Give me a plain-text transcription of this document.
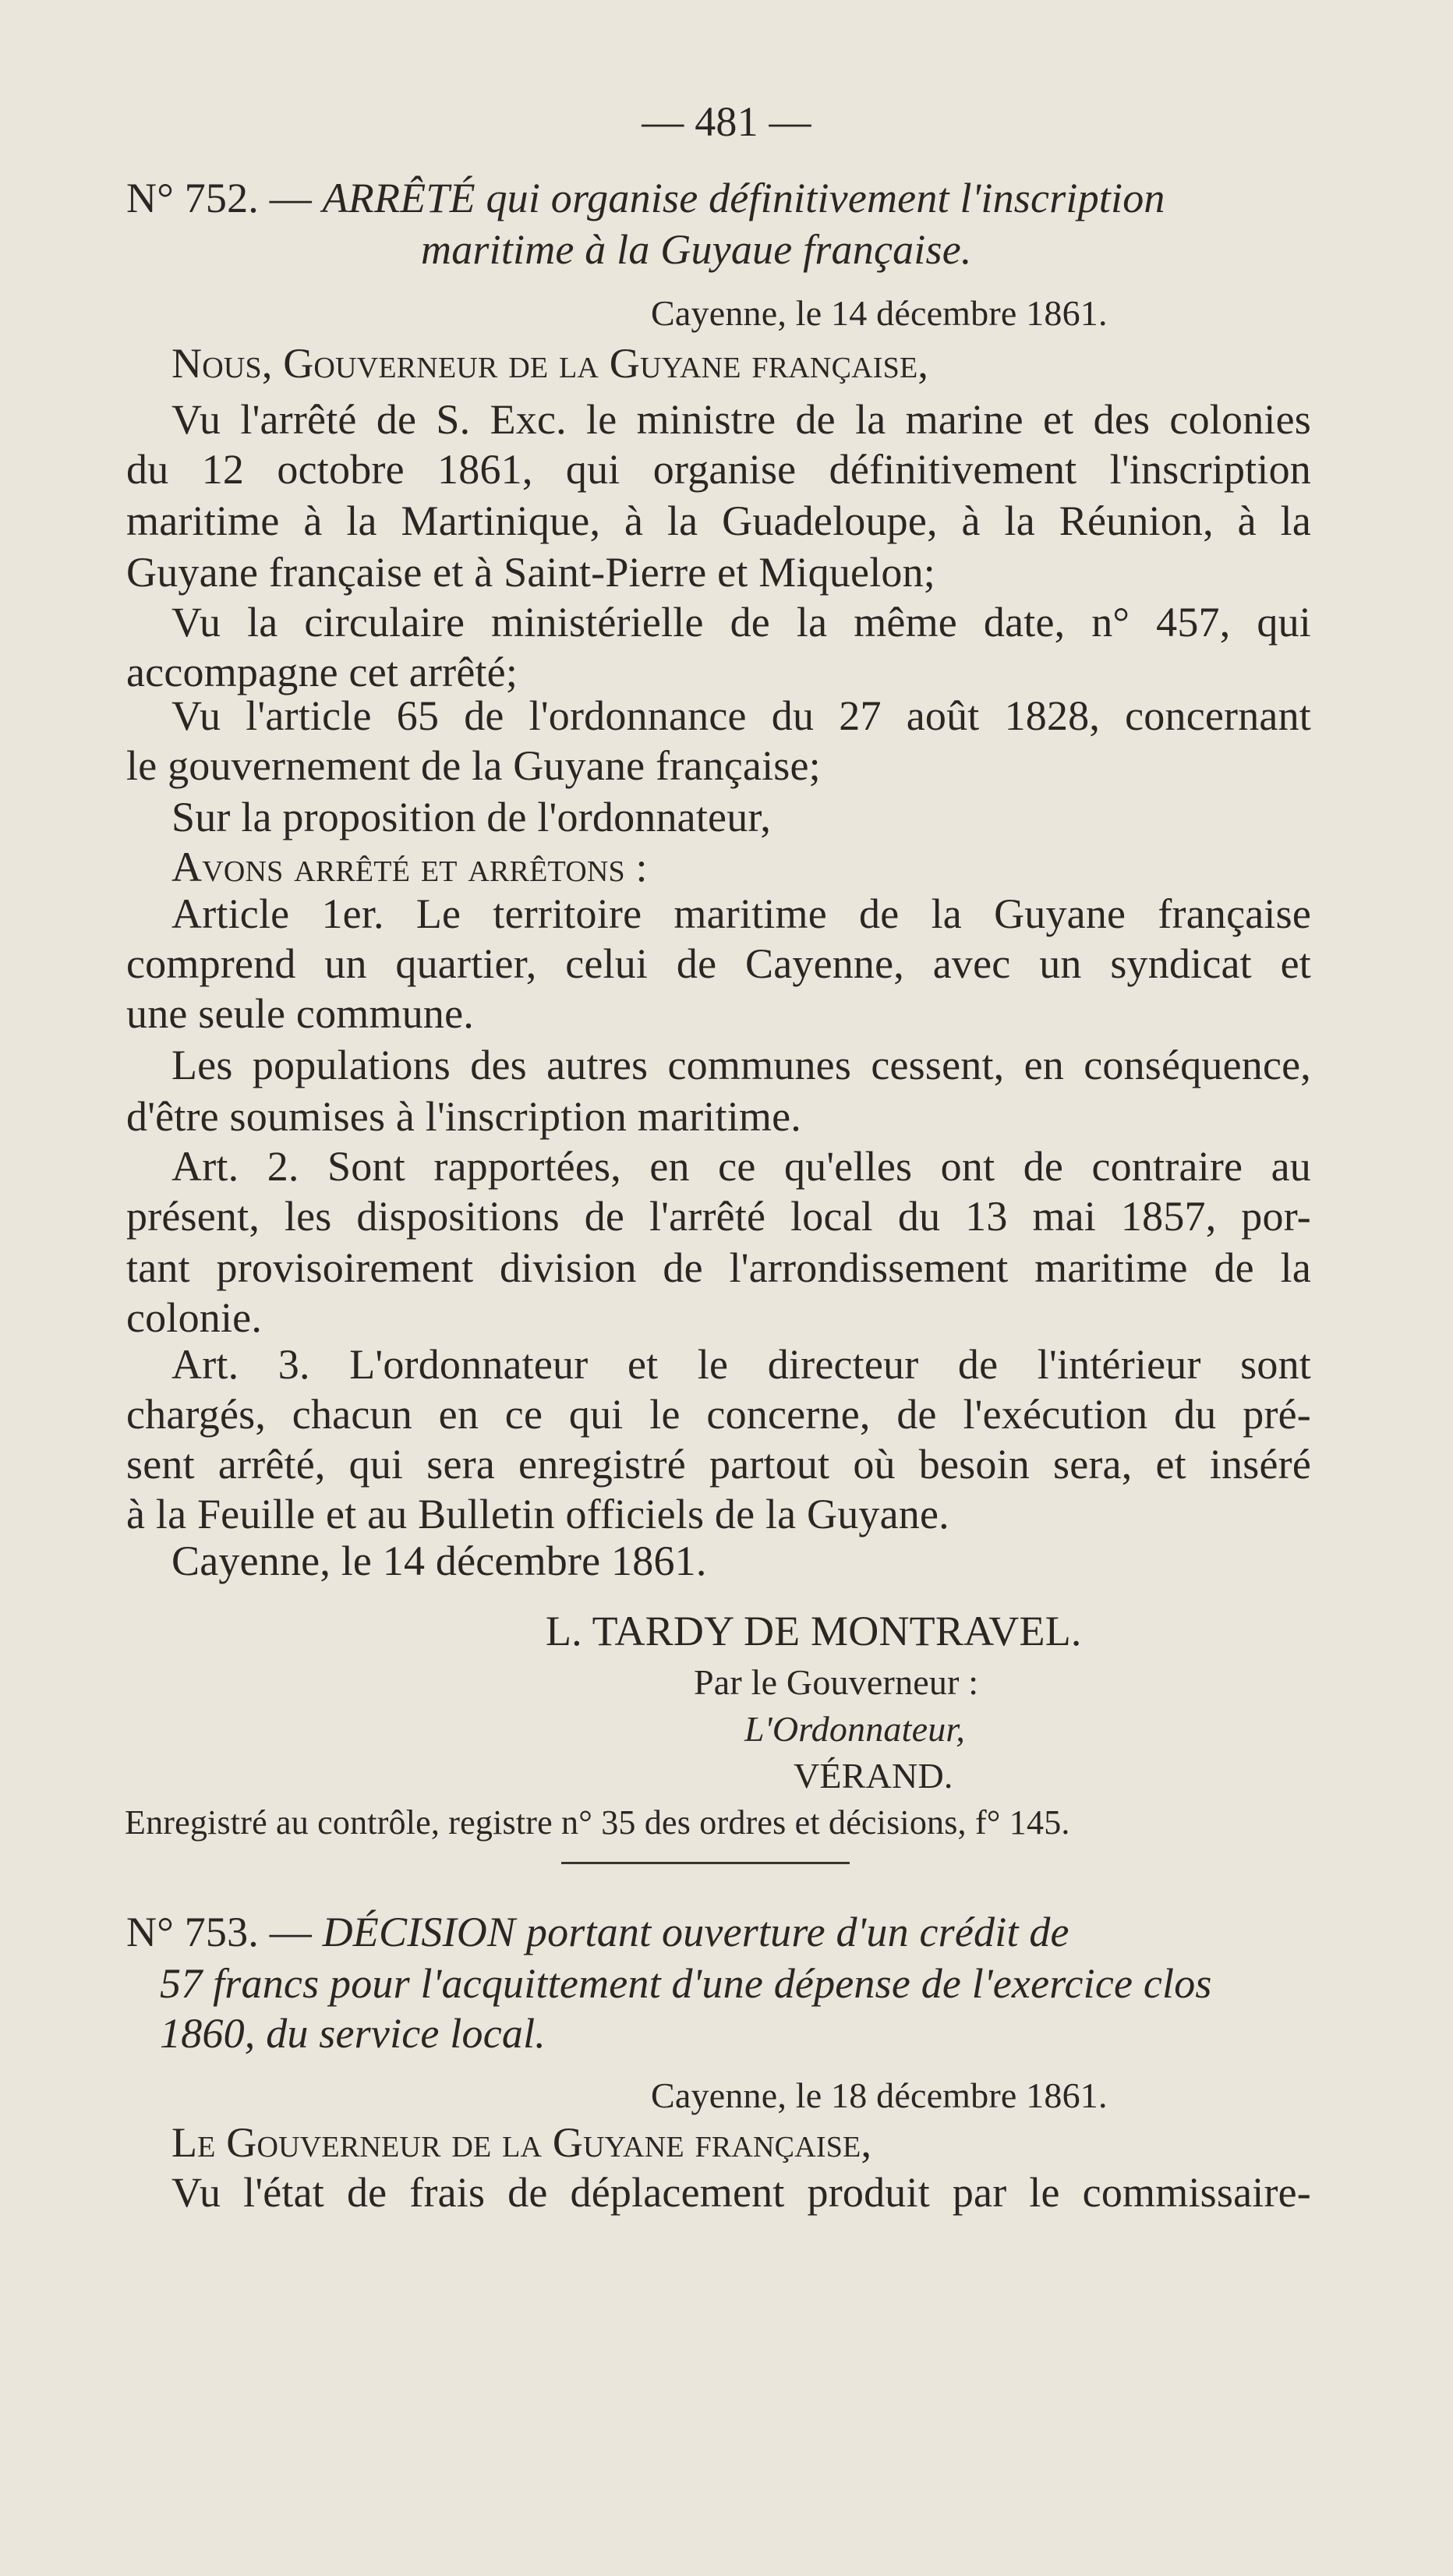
— 481 —
N° 752. — ARRÊTÉ qui organise définitivement l'inscription
maritime à la Guyaue française.
Cayenne, le 14 décembre 1861.
Nous, Gouverneur de la Guyane française,
Vu l'arrêté de S. Exc. le ministre de la marine et des colonies
du 12 octobre 1861, qui organise définitivement l'inscription
maritime à la Martinique, à la Guadeloupe, à la Réunion, à la
Guyane française et à Saint-Pierre et Miquelon;
Vu la circulaire ministérielle de la même date, n° 457, qui
accompagne cet arrêté;
Vu l'article 65 de l'ordonnance du 27 août 1828, concernant
le gouvernement de la Guyane française;
Sur la proposition de l'ordonnateur,
Avons arrêté et arrêtons :
Article 1er. Le territoire maritime de la Guyane française
comprend un quartier, celui de Cayenne, avec un syndicat et
une seule commune.
Les populations des autres communes cessent, en conséquence,
d'être soumises à l'inscription maritime.
Art. 2. Sont rapportées, en ce qu'elles ont de contraire au
présent, les dispositions de l'arrêté local du 13 mai 1857, por-
tant provisoirement division de l'arrondissement maritime de la
colonie.
Art. 3. L'ordonnateur et le directeur de l'intérieur sont
chargés, chacun en ce qui le concerne, de l'exécution du pré-
sent arrêté, qui sera enregistré partout où besoin sera, et inséré
à la Feuille et au Bulletin officiels de la Guyane.
Cayenne, le 14 décembre 1861.
L. TARDY DE MONTRAVEL.
Par le Gouverneur :
L'Ordonnateur,
VÉRAND.
Enregistré au contrôle, registre n° 35 des ordres et décisions, f° 145.
N° 753. — DÉCISION portant ouverture d'un crédit de
57 francs pour l'acquittement d'une dépense de l'exercice clos
1860, du service local.
Cayenne, le 18 décembre 1861.
Le Gouverneur de la Guyane française,
Vu l'état de frais de déplacement produit par le commissaire-
